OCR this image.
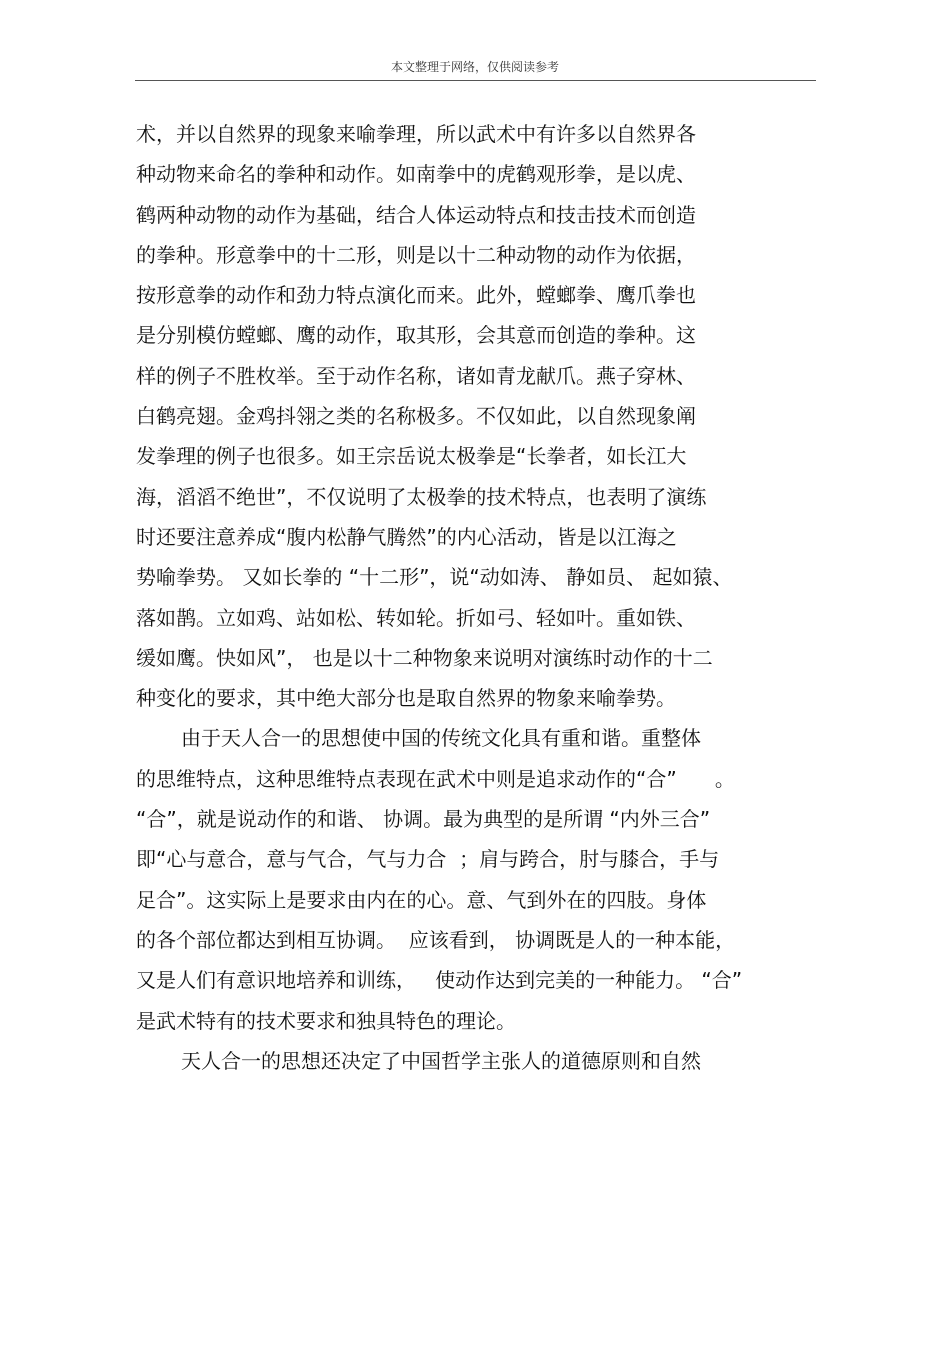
本文整理于网络，仅供阅读参考
术，并以自然界的现象来喻拳理，所以武术中有许多以自然界各
种动物来命名的拳种和动作。如南拳中的虎鹤观形拳，是以虎、
鹤两种动物的动作为基础，结合人体运动特点和技击技术而创造
的拳种。形意拳中的十二形，则是以十二种动物的动作为依据，
按形意拳的动作和劲力特点演化而来。此外，螳螂拳、鹰爪拳也
是分别模仿螳螂、鹰的动作，取其形，会其意而创造的拳种。这
样的例子不胜枚举。至于动作名称，诸如青龙献爪。燕子穿林、
白鹤亮翅。金鸡抖翎之类的名称极多。不仅如此，以自然现象阐
发拳理的例子也很多。如王宗岳说太极拳是“长拳者，如长江大
海，滔滔不绝世”，不仅说明了太极拳的技术特点，也表明了演练
时还要注意养成“腹内松静气腾然”的内心活动，皆是以江海之
势喻拳势。 又如长拳的 “十二形”，说“动如涛、 静如员、 起如猿、
落如鹊。立如鸡、站如松、转如轮。折如弓、轻如叶。重如铁、
缓如鹰。快如风”， 也是以十二种物象来说明对演练时动作的十二
种变化的要求，其中绝大部分也是取自然界的物象来喻拳势。
由于天人合一的思想使中国的传统文化具有重和谐。重整体
的思维特点，这种思维特点表现在武术中则是追求动作的“合”      。
“合”，就是说动作的和谐、 协调。最为典型的是所谓 “内外三合”
即“心与意合，意与气合，气与力合  ；肩与跨合，肘与膝合，手与
足合”。这实际上是要求由内在的心。意、气到外在的四肢。身体
的各个部位都达到相互协调。  应该看到， 协调既是人的一种本能，
又是人们有意识地培养和训练，   使动作达到完美的一种能力。 “合”
是武术特有的技术要求和独具特色的理论。
天人合一的思想还决定了中国哲学主张人的道德原则和自然
